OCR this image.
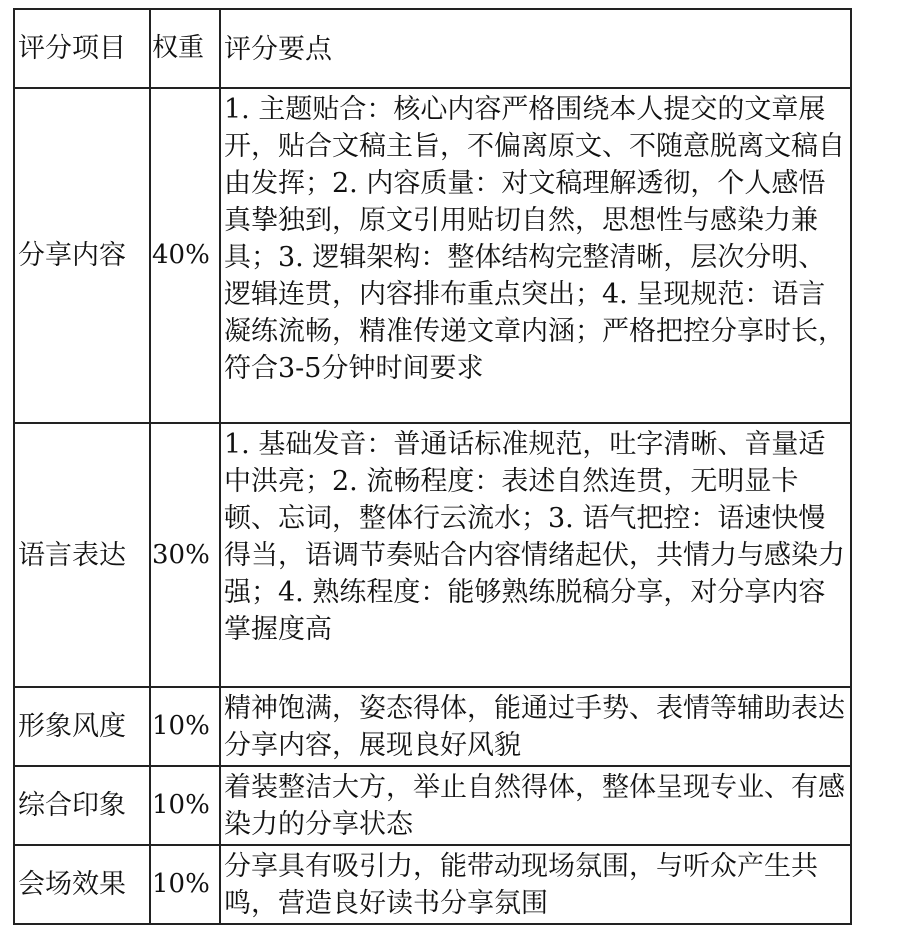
评分项目	权重	评分要点
分享内容	40%	1. 主题贴合：核心内容严格围绕本人提交的文章展开，贴合文稿主旨，不偏离原文、不随意脱离文稿自由发挥；2. 内容质量：对文稿理解透彻，个人感悟真挚独到，原文引用贴切自然，思想性与感染力兼具；3. 逻辑架构：整体结构完整清晰，层次分明、逻辑连贯，内容排布重点突出；4. 呈现规范：语言凝练流畅，精准传递文章内涵；严格把控分享时长，符合3-5分钟时间要求
语言表达	30%	1. 基础发音：普通话标准规范，吐字清晰、音量适中洪亮；2. 流畅程度：表述自然连贯，无明显卡顿、忘词，整体行云流水；3. 语气把控：语速快慢得当，语调节奏贴合内容情绪起伏，共情力与感染力强；4. 熟练程度：能够熟练脱稿分享，对分享内容掌握度高
形象风度	10%	精神饱满，姿态得体，能通过手势、表情等辅助表达分享内容，展现良好风貌
综合印象	10%	着装整洁大方，举止自然得体，整体呈现专业、有感染力的分享状态
会场效果	10%	分享具有吸引力，能带动现场氛围，与听众产生共鸣，营造良好读书分享氛围
